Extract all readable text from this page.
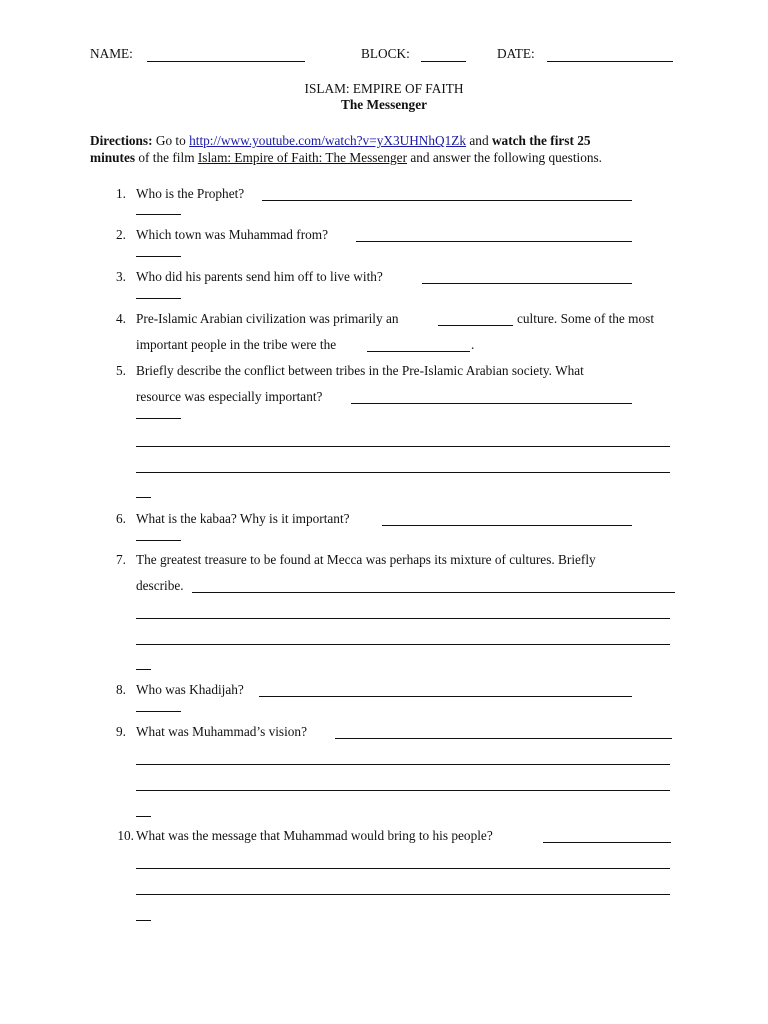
NAME:	BLOCK:	DATE:
ISLAM: EMPIRE OF FAITH
The Messenger
Directions: Go to http://www.youtube.com/watch?v=yX3UHNhQ1Zk and watch the first 25
minutes of the film Islam: Empire of Faith: The Messenger and answer the following questions.
1. Who is the Prophet?
2. Which town was Muhammad from?
3. Who did his parents send him off to live with?
4. Pre-Islamic Arabian civilization was primarily an	culture. Some of the most
important people in the tribe were the	.
5. Briefly describe the conflict between tribes in the Pre-Islamic Arabian society. What
resource was especially important?
6. What is the kabaa? Why is it important?
7. The greatest treasure to be found at Mecca was perhaps its mixture of cultures. Briefly
describe.
8. Who was Khadijah?
9. What was Muhammad’s vision?
10. What was the message that Muhammad would bring to his people?
